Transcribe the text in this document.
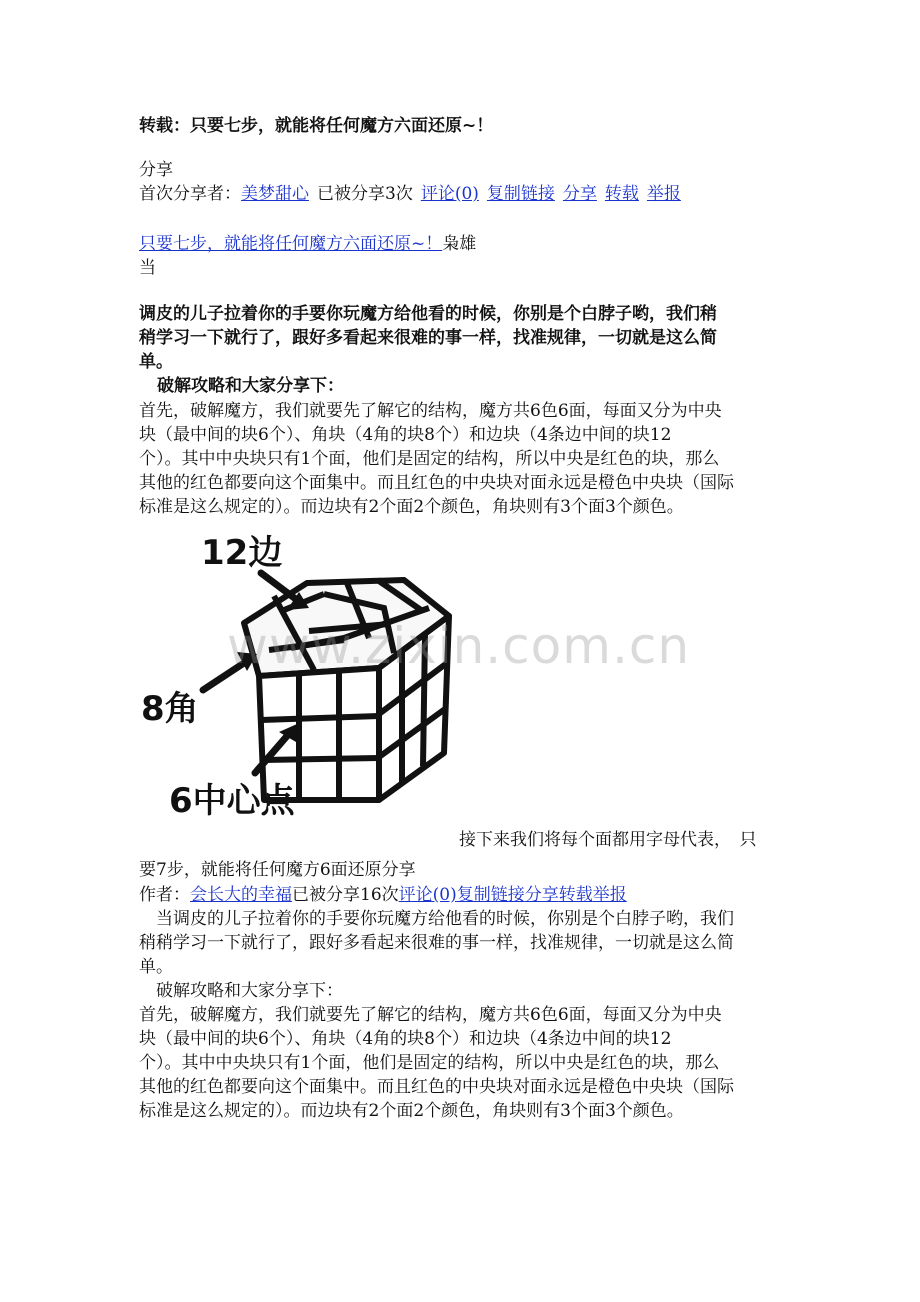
转载：只要七步，就能将任何魔方六面还原~！
分享
首次分享者：美梦甜心 已被分享3次 评论(0) 复制链接 分享 转载 举报
只要七步，就能将任何魔方六面还原~！枭雄
当
调皮的儿子拉着你的手要你玩魔方给他看的时候，你别是个白脖子哟，我们稍
稍学习一下就行了，跟好多看起来很难的事一样，找准规律，一切就是这么简
单。
破解攻略和大家分享下：
首先，破解魔方，我们就要先了解它的结构，魔方共6色6面，每面又分为中央
块（最中间的块6个）、角块（4角的块8个）和边块（4条边中间的块12
个）。其中中央块只有1个面，他们是固定的结构，所以中央是红色的块，那么
其他的红色都要向这个面集中。而且红色的中央块对面永远是橙色中央块（国际
标准是这么规定的）。而边块有2个面2个颜色，角块则有3个面3个颜色。
12边
8角
6中心点
www.zixin.com.cn
接下来我们将每个面都用字母代表，　只
要7步，就能将任何魔方6面还原分享
作者：会长大的幸福已被分享16次评论(0)复制链接分享转载举报
　当调皮的儿子拉着你的手要你玩魔方给他看的时候，你别是个白脖子哟，我们
稍稍学习一下就行了，跟好多看起来很难的事一样，找准规律，一切就是这么简
单。
　破解攻略和大家分享下：
首先，破解魔方，我们就要先了解它的结构，魔方共6色6面，每面又分为中央
块（最中间的块6个）、角块（4角的块8个）和边块（4条边中间的块12
个）。其中中央块只有1个面，他们是固定的结构，所以中央是红色的块，那么
其他的红色都要向这个面集中。而且红色的中央块对面永远是橙色中央块（国际
标准是这么规定的）。而边块有2个面2个颜色，角块则有3个面3个颜色。
